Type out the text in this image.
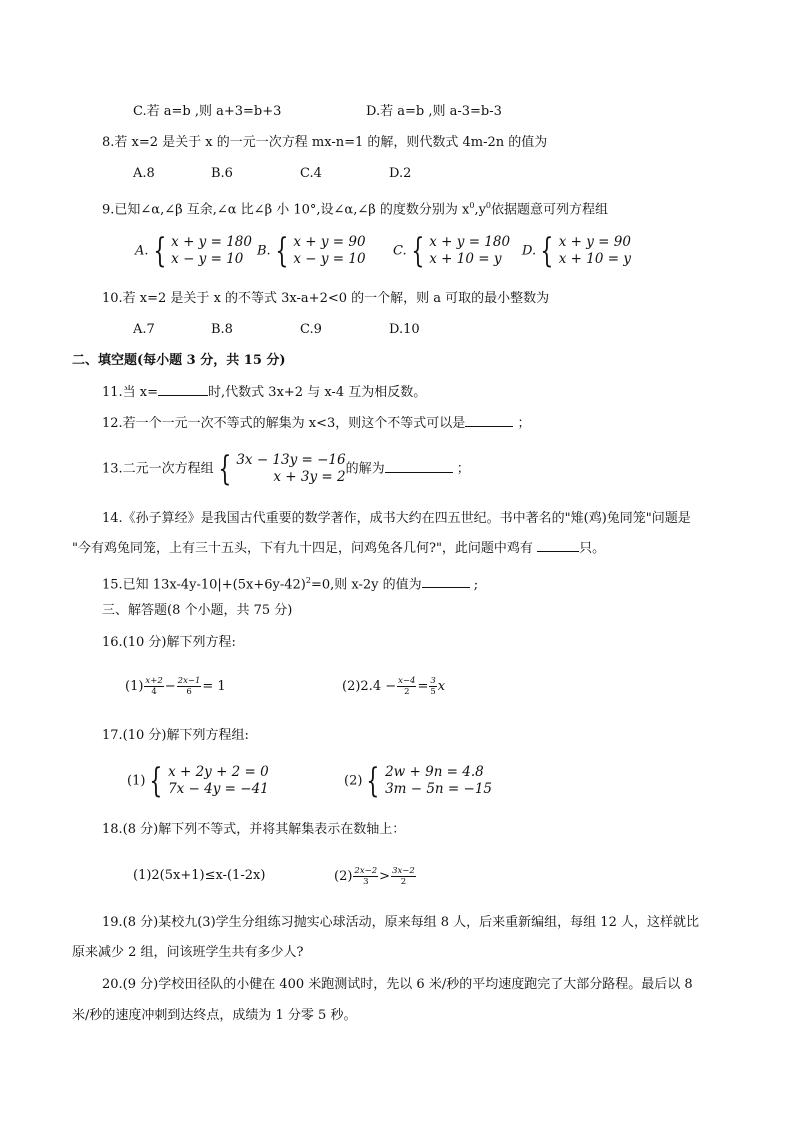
C.若 a=b ,则 a+3=b+3	D.若 a=b ,则 a-3=b-3
8.若 x=2 是关于 x 的一元一次方程 mx-n=1 的解，则代数式 4m-2n 的值为
A.8	B.6	C.4	D.2
9.已知∠α,∠β 互余,∠α 比∠β 小 10°,设∠α,∠β 的度数分别为 $x^0,y^0$依据题意可列方程组
A. { x + y = 180
x − y = 10	B. { x + y = 90
x − y = 10 C. { x + y = 180
x + 10 = y	D. { x + y = 90
x + 10 = y
10.若 x=2 是关于 x 的不等式 3x-a+2<0 的一个解，则 a 可取的最小整数为
A.7	B.8	C.9	D.10
二、填空题(每小题 3 分，共 15 分)
11.当 x=	时,代数式 3x+2 与 x-4 互为相反数。
12.若一个一元一次不等式的解集为 x<3，则这个不等式可以是	；
13.二元一次方程组 { 3x − 13y = −16
x + 3y = 2的解为	；
14.《孙子算经》是我国古代重要的数学著作，成书大约在四五世纪。书中著名的"雉(鸡)兔同笼"问题是
"今有鸡兔同笼，上有三十五头，下有九十四足，问鸡兔各几何?"，此问题中鸡有	只。
15.已知 $13x-4y-10|+(5x+6y-42)^2=0$,则 x-2y 的值为	;
三、解答题(8 个小题，共 75 分)
16.(10 分)解下列方程:
$(1) \frac{x+2}{4} - \frac{2x-1}{6} = 1$	$(2)2.4 - \frac{x-4}{2} = \frac{3}{5}$ x
17.(10 分)解下列方程组:
(1) { x + 2y + 2 = 0
7x − 4y = −41	(2) { 2w + 9n = 4.8
3m − 5n = −15
18.(8 分)解下列不等式，并将其解集表示在数轴上：
(1)2(5x+1)≤x-(1-2x)	$(2) \frac{2x-2}{3} > \frac{3x-2}{2}$
19.(8 分)某校九(3)学生分组练习抛实心球活动，原来每组 8 人，后来重新编组，每组 12 人，这样就比
原来减少 2 组，问该班学生共有多少人?
20.(9 分)学校田径队的小健在 400 米跑测试时，先以 6 米/秒的平均速度跑完了大部分路程。最后以 8
米/秒的速度冲刺到达终点，成绩为 1 分零 5 秒。
